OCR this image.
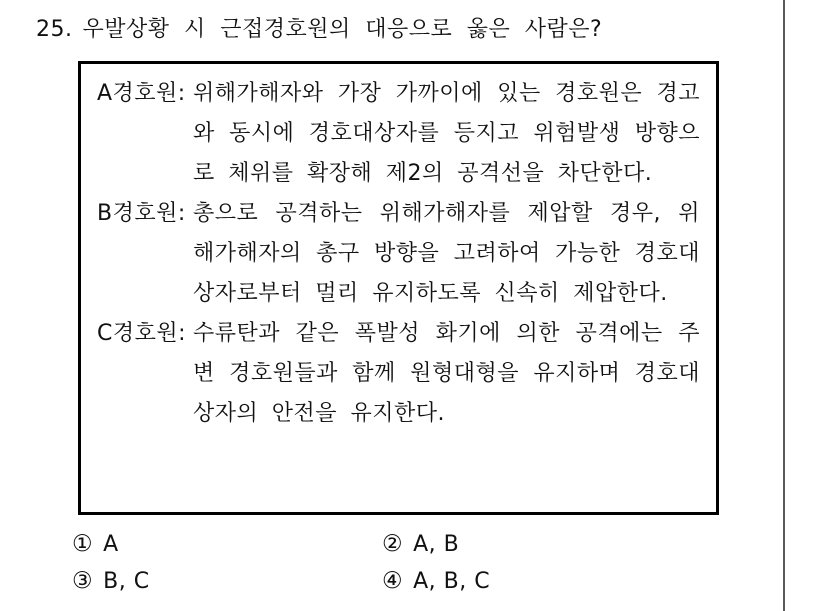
25. 우발상황 시 근접경호원의 대응으로 옳은 사람은?
A경호원: 위해가해자와 가장 가까이에 있는 경호원은 경고와 동시에 경호대상자를 등지고 위험발생 방향으로 체위를 확장해 제2의 공격선을 차단한다.
B경호원: 총으로 공격하는 위해가해자를 제압할 경우, 위해가해자의 총구 방향을 고려하여 가능한 경호대상자로부터 멀리 유지하도록 신속히 제압한다.
C경호원: 수류탄과 같은 폭발성 화기에 의한 공격에는 주변 경호원들과 함께 원형대형을 유지하며 경호대상자의 안전을 유지한다.
① A	② A, B
③ B, C	④ A, B, C
